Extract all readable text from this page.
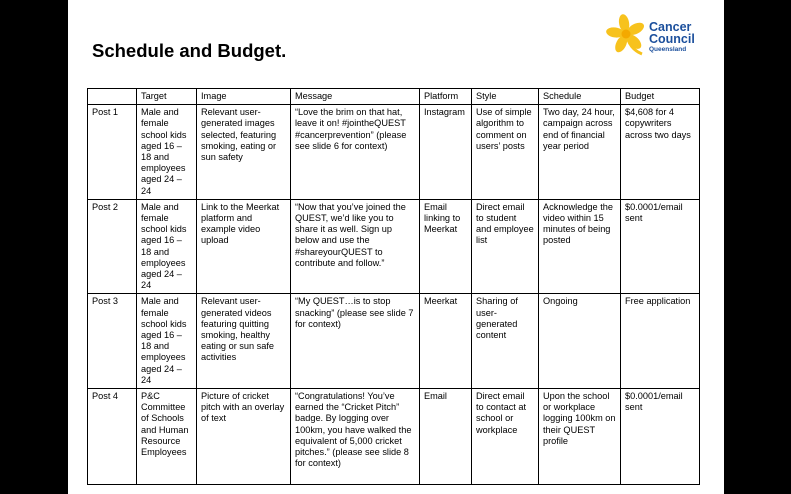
Schedule and Budget.
Cancer
Council
Queensland
	Target	Image	Message	Platform	Style	Schedule	Budget
Post 1	Male and female school kids aged 16 – 18 and employees aged 24 – 24	Relevant user-generated images selected, featuring smoking, eating or sun safety	“Love the brim on that hat, leave it on! #jointheQUEST #cancerprevention” (please see slide 6 for context)	Instagram	Use of simple algorithm to comment on users’ posts	Two day, 24 hour, campaign across end of financial year period	$4,608 for 4 copywriters across two days
Post 2	Male and female school kids aged 16 – 18 and employees aged 24 – 24	Link to the Meerkat platform and example video upload	“Now that you’ve joined the QUEST, we’d like you to share it as well. Sign up below and use the #shareyourQUEST to contribute and follow.”	Email linking to Meerkat	Direct email to student and employee list	Acknowledge the video within 15 minutes of being posted	$0.0001/email sent
Post 3	Male and female school kids aged 16 – 18 and employees aged 24 – 24	Relevant user-generated videos featuring quitting smoking, healthy eating or sun safe activities	“My QUEST…is to stop snacking” (please see slide 7 for context)	Meerkat	Sharing of user-generated content	Ongoing	Free application
Post 4	P&C Committee of Schools and Human Resource Employees	Picture of cricket pitch with an overlay of text	“Congratulations! You’ve earned the “Cricket Pitch” badge. By logging over 100km, you have walked the equivalent of 5,000 cricket pitches.” (please see slide 8 for context)	Email	Direct email to contact at school or workplace	Upon the school or workplace logging 100km on their QUEST profile	$0.0001/email sent
